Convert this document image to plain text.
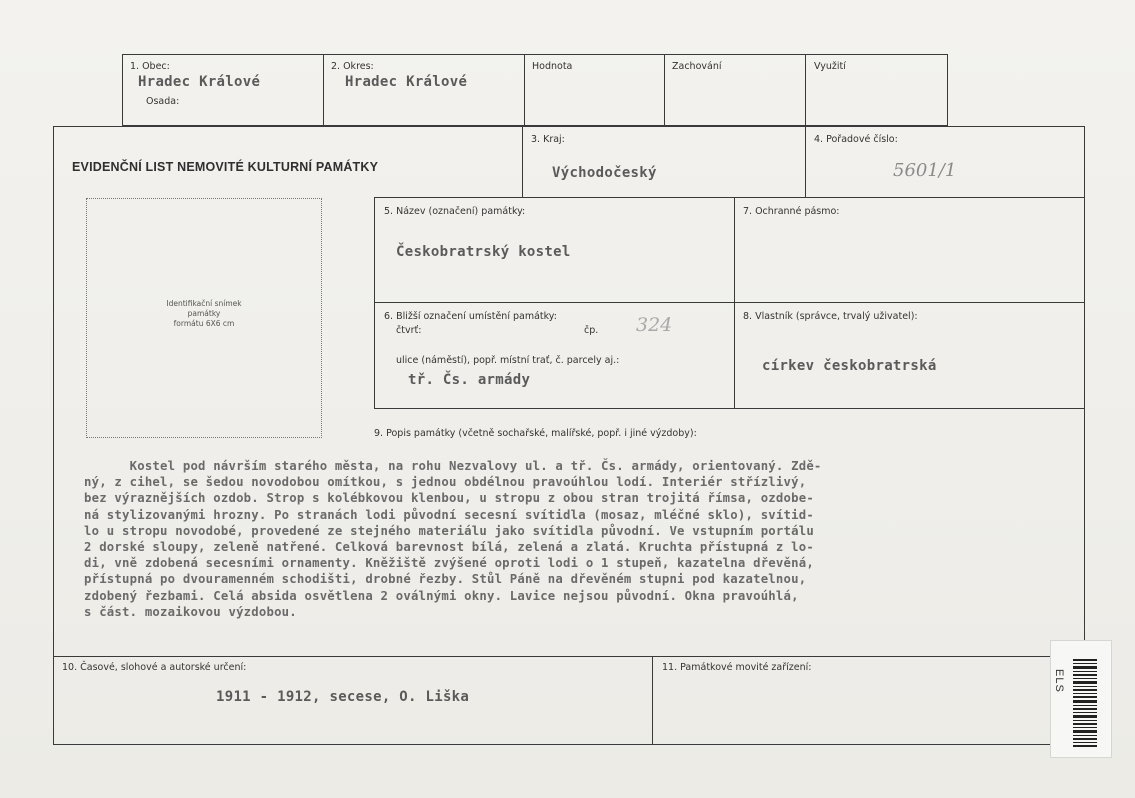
1. Obec:
Hradec Králové
Osada:
2. Okres:
Hradec Králové
Hodnota	Zachování	Využití
EVIDENČNÍ LIST NEMOVITÉ KULTURNÍ PAMÁTKY
3. Kraj:
Východočeský
4. Pořadové číslo:
5601/1
Identifikační snímek
památky
formátu 6X6 cm
5. Název (označení) památky:
Českobratrský kostel
7. Ochranné pásmo:
6. Bližší označení umístění památky:
čtvrť:	čp. 324
ulice (náměstí), popř. místní trať, č. parcely aj.:
tř. Čs. armády
8. Vlastník (správce, trvalý uživatel):
církev českobratrská
9. Popis památky (včetně sochařské, malířské, popř. i jiné výzdoby):
Kostel pod návrším starého města, na rohu Nezvalovy ul. a tř. Čs. armády, orientovaný. Zdě-
ný, z cihel, se šedou novodobou omítkou, s jednou obdélnou pravoúhlou lodí. Interiér střízlivý,
bez výraznějších ozdob. Strop s kolébkovou klenbou, u stropu z obou stran trojitá římsa, ozdobe-
ná stylizovanými hrozny. Po stranách lodi původní secesní svítidla (mosaz, mléčné sklo), svítid-
lo u stropu novodobé, provedené ze stejného materiálu jako svítidla původní. Ve vstupním portálu
2 dorské sloupy, zeleně natřené. Celková barevnost bílá, zelená a zlatá. Kruchta přístupná z lo-
di, vně zdobená secesními ornamenty. Kněžiště zvýšené oproti lodi o 1 stupeň, kazatelna dřevěná,
přístupná po dvouramenném schodišti, drobné řezby. Stůl Páně na dřevěném stupni pod kazatelnou,
zdobený řezbami. Celá absida osvětlena 2 oválnými okny. Lavice nejsou původní. Okna pravoúhlá,
s část. mozaikovou výzdobou.
10. Časové, slohové a autorské určení:
1911 - 1912, secese, O. Liška
11. Památkové movité zařízení:
ELS
